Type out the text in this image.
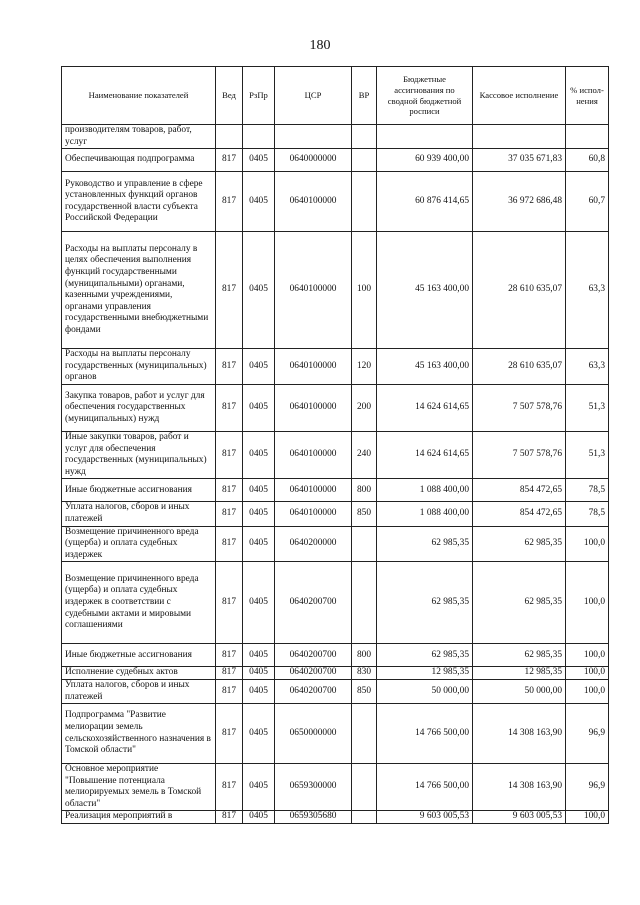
180
Наименование показателей	Вед	РзПр	ЦСР	ВР	Бюджетные ассигнования по сводной бюджетной росписи	Кассовое исполнение	% испол-нения
производителям товаров, работ, услуг							
Обеспечивающая подпрограмма	817	0405	0640000000		60 939 400,00	37 035 671,83	60,8
Руководство и управление в сфере установленных функций органов государственной власти субъекта Российской Федерации	817	0405	0640100000		60 876 414,65	36 972 686,48	60,7
Расходы на выплаты персоналу в целях обеспечения выполнения функций государственными (муниципальными) органами, казенными учреждениями, органами управления государственными внебюджетными фондами	817	0405	0640100000	100	45 163 400,00	28 610 635,07	63,3
Расходы на выплаты персоналу государственных (муниципальных) органов	817	0405	0640100000	120	45 163 400,00	28 610 635,07	63,3
Закупка товаров, работ и услуг для обеспечения государственных (муниципальных) нужд	817	0405	0640100000	200	14 624 614,65	7 507 578,76	51,3
Иные закупки товаров, работ и услуг для обеспечения государственных (муниципальных) нужд	817	0405	0640100000	240	14 624 614,65	7 507 578,76	51,3
Иные бюджетные ассигнования	817	0405	0640100000	800	1 088 400,00	854 472,65	78,5
Уплата налогов, сборов и иных платежей	817	0405	0640100000	850	1 088 400,00	854 472,65	78,5
Возмещение причиненного вреда (ущерба) и оплата судебных издержек	817	0405	0640200000		62 985,35	62 985,35	100,0
Возмещение причиненного вреда (ущерба) и оплата судебных издержек в соответствии с судебными актами и мировыми соглашениями	817	0405	0640200700		62 985,35	62 985,35	100,0
Иные бюджетные ассигнования	817	0405	0640200700	800	62 985,35	62 985,35	100,0
Исполнение судебных актов	817	0405	0640200700	830	12 985,35	12 985,35	100,0
Уплата налогов, сборов и иных платежей	817	0405	0640200700	850	50 000,00	50 000,00	100,0
Подпрограмма "Развитие мелиорации земель сельскохозяйственного назначения в Томской области"	817	0405	0650000000		14 766 500,00	14 308 163,90	96,9
Основное мероприятие "Повышение потенциала мелиорируемых земель в Томской области"	817	0405	0659300000		14 766 500,00	14 308 163,90	96,9
Реализация мероприятий в	817	0405	0659305680		9 603 005,53	9 603 005,53	100,0
